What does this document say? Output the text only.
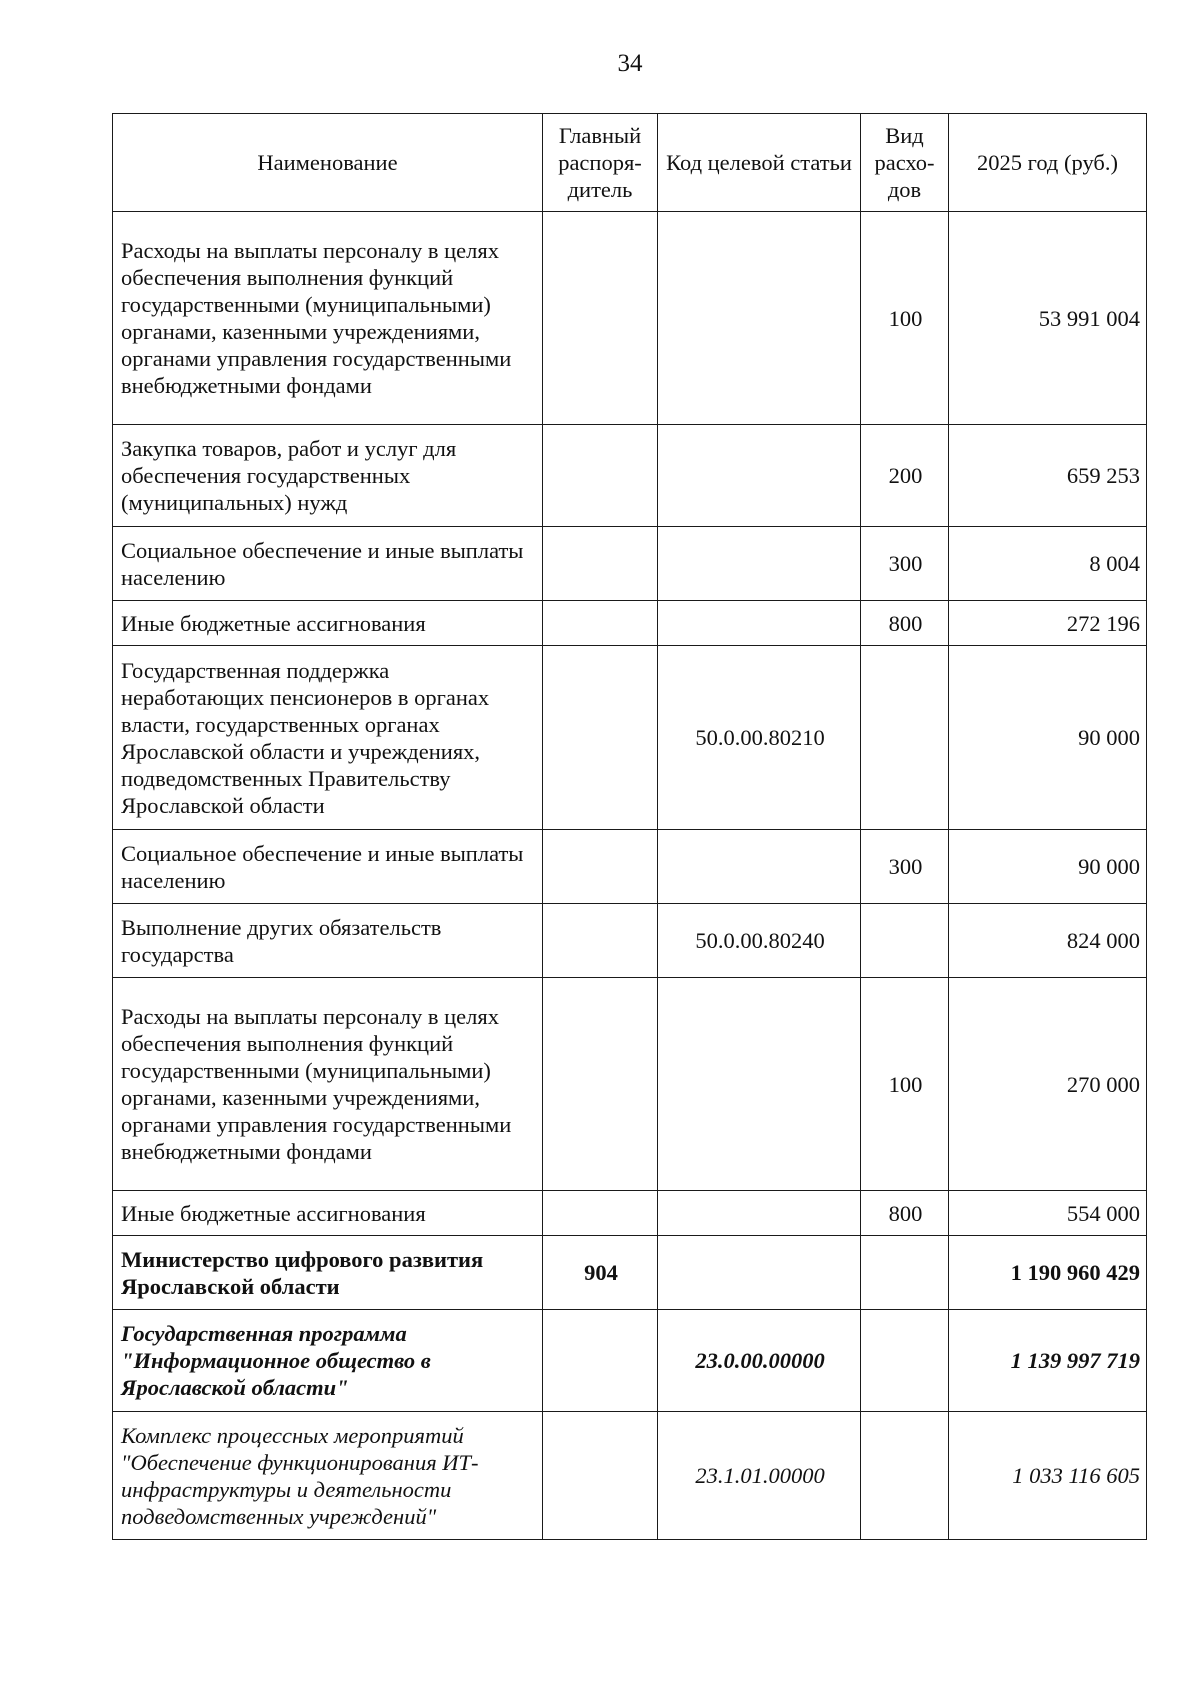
34
Наименование	Главный распоря-дитель	Код целевой статьи	Вид расхо-дов	2025 год (руб.)
Расходы на выплаты персоналу в целях обеспечения выполнения функций государственными (муниципальными) органами, казенными учреждениями, органами управления государственными внебюджетными фондами			100	53 991 004
Закупка товаров, работ и услуг для обеспечения государственных (муниципальных) нужд			200	659 253
Социальное обеспечение и иные выплаты населению			300	8 004
Иные бюджетные ассигнования			800	272 196
Государственная поддержка неработающих пенсионеров в органах власти, государственных органах Ярославской области и учреждениях, подведомственных Правительству Ярославской области		50.0.00.80210		90 000
Социальное обеспечение и иные выплаты населению			300	90 000
Выполнение других обязательств государства		50.0.00.80240		824 000
Расходы на выплаты персоналу в целях обеспечения выполнения функций государственными (муниципальными) органами, казенными учреждениями, органами управления государственными внебюджетными фондами			100	270 000
Иные бюджетные ассигнования			800	554 000
Министерство цифрового развития Ярославской области	904			1 190 960 429
Государственная программа "Информационное общество в Ярославской области"		23.0.00.00000		1 139 997 719
Комплекс процессных мероприятий "Обеспечение функционирования ИТ-инфраструктуры и деятельности подведомственных учреждений"		23.1.01.00000		1 033 116 605
